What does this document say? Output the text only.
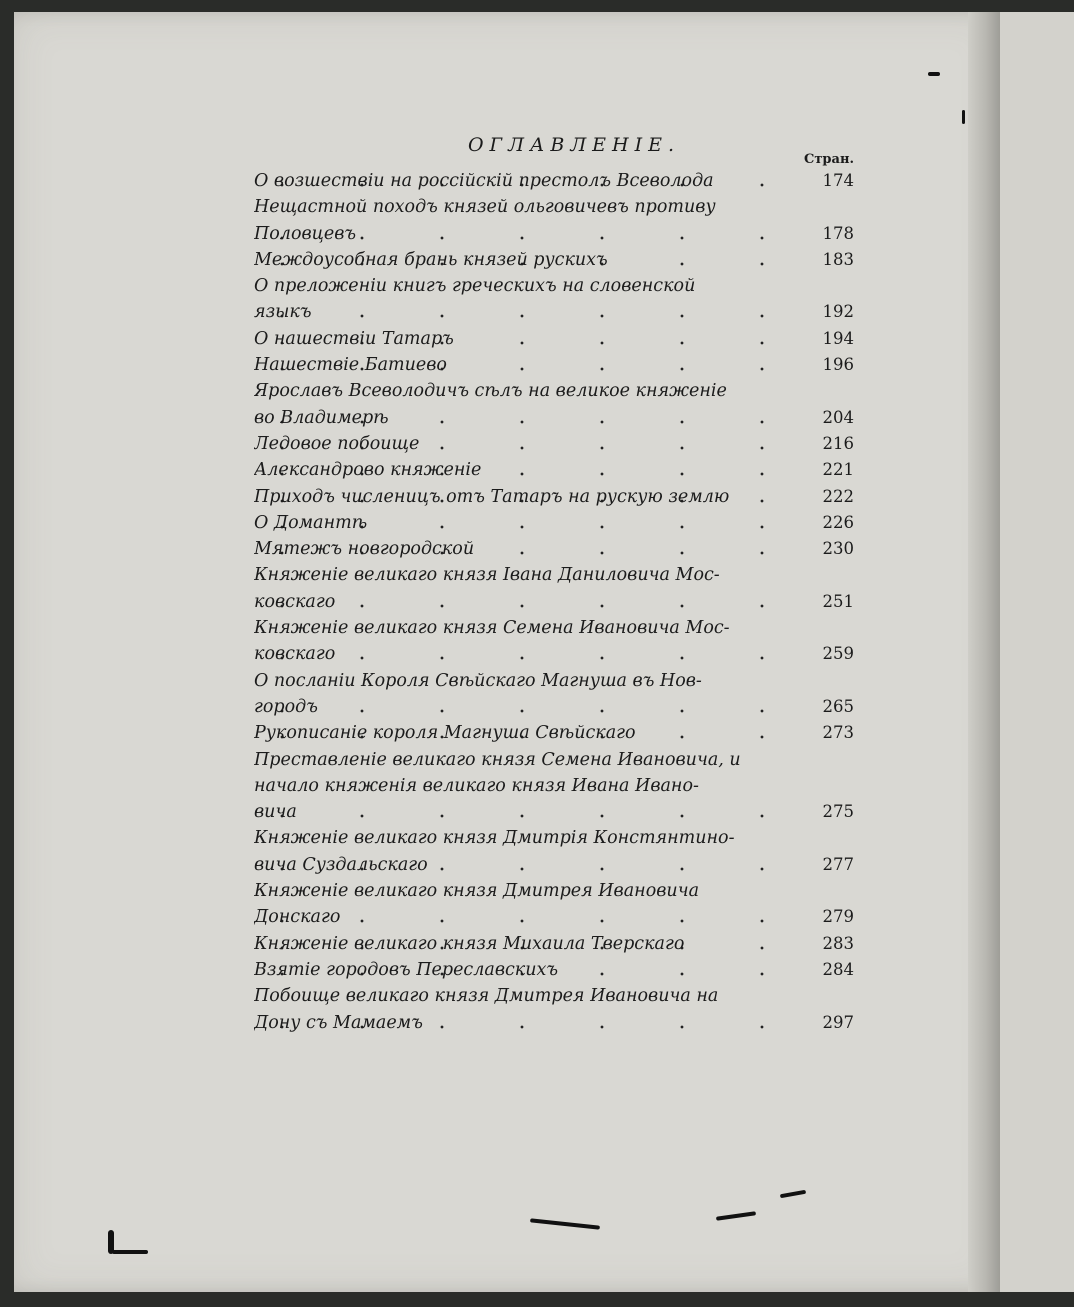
ОГЛАВЛЕНІЕ.
Стран.
О возшествіи на россійскій престолъ Всеволода	174
Нещастной походъ князей ольговичевъ противу
Половцевъ	178
Междоусобная брань князей рускихъ	183
О преложеніи книгъ греческихъ на словенской
языкъ	192
О нашествіи Татаръ	194
Нашествіе Батиево	196
Ярославъ Всеволодичъ сѣлъ на великое княженіе
во Владимерѣ	204
Ледовое побоище	216
Александрово княженіе	221
Приходъ численицъ отъ Татаръ на рускую землю	222
О Домантѣ	226
Мятежъ новгородской	230
Княженіе великаго князя Івана Даниловича Мос-
ковскаго	251
Княженіе великаго князя Семена Ивановича Мос-
ковскаго	259
О посланіи Короля Свѣйскаго Магнуша въ Нов-
городъ	265
Рукописаніе короля Магнуша Свѣйскаго	273
Преставленіе великаго князя Семена Ивановича, и
начало княженія великаго князя Ивана Ивано-
вича	275
Княженіе великаго князя Дмитрія Констянтино-
вича Суздальскаго	277
Княженіе великаго князя Дмитрея Ивановича
Донскаго	279
Княженіе великаго князя Михаила Тверскаго	283
Взятіе городовъ Переславскихъ	284
Побоище великаго князя Дмитрея Ивановича на
Дону съ Мамаемъ	297
